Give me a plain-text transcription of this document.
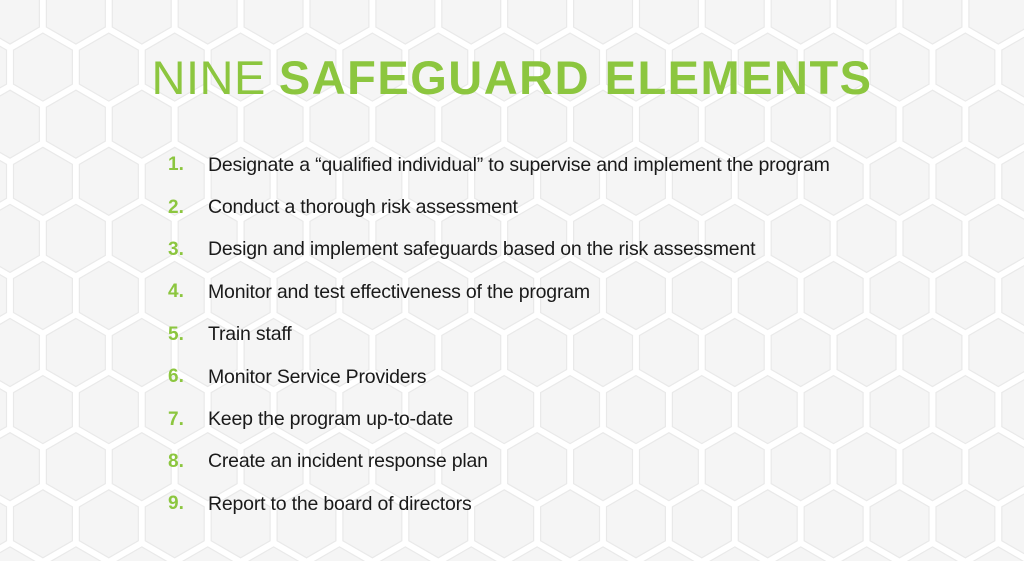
NINE SAFEGUARD ELEMENTS
1.	Designate a “qualified individual” to supervise and implement the program
2.	Conduct a thorough risk assessment
3.	Design and implement safeguards based on the risk assessment
4.	Monitor and test effectiveness of the program
5.	Train staff
6.	Monitor Service Providers
7.	Keep the program up-to-date
8.	Create an incident response plan
9.	Report to the board of directors
